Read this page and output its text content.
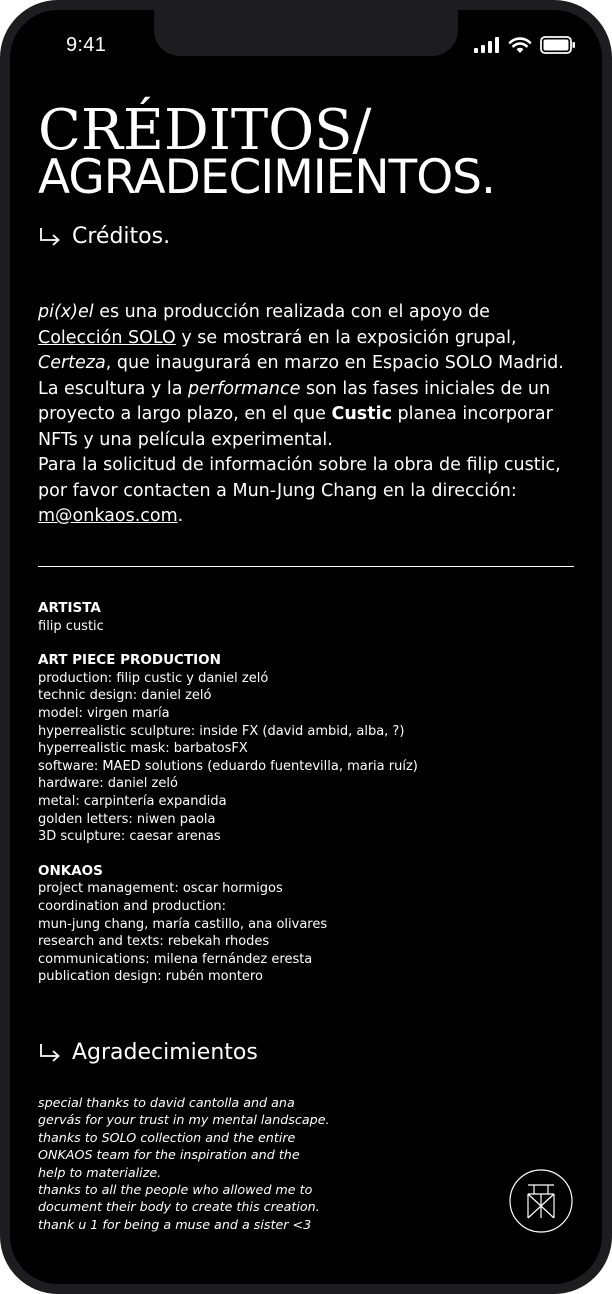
9:41
CRÉDITOS/
AGRADECIMIENTOS.
Créditos.

pi(x)el es una producción realizada con el apoyo de Colección SOLO y se mostrará en la exposición grupal, Certeza, que inaugurará en marzo en Espacio SOLO Madrid. La escultura y la performance son las fases iniciales de un proyecto a largo plazo, en el que Custic planea incorporar NFTs y una película experimental.

Para la solicitud de información sobre la obra de filip custic, por favor contacten a Mun-Jung Chang en la dirección: m@onkaos.com.

ARTISTA
filip custic
ART PIECE PRODUCTION
production: filip custic y daniel zeló
technic design: daniel zeló
model: virgen maría
hyperrealistic sculpture: inside FX (david ambid, alba, ?)
hyperrealistic mask: barbatosFX
software: MAED solutions (eduardo fuentevilla, maria ruíz)
hardware: daniel zeló
metal: carpintería expandida
golden letters: niwen paola
3D sculpture: caesar arenas
ONKAOS
project management: oscar hormigos
coordination and production:
mun-jung chang, maría castillo, ana olivares
research and texts: rebekah rhodes
communications: milena fernández eresta
publication design: rubén montero
Agradecimientos
special thanks to david cantolla and ana
gervás for your trust in my mental landscape.
thanks to SOLO collection and the entire
ONKAOS team for the inspiration and the
help to materialize.
thanks to all the people who allowed me to
document their body to create this creation.
thank u 1 for being a muse and a sister <3
